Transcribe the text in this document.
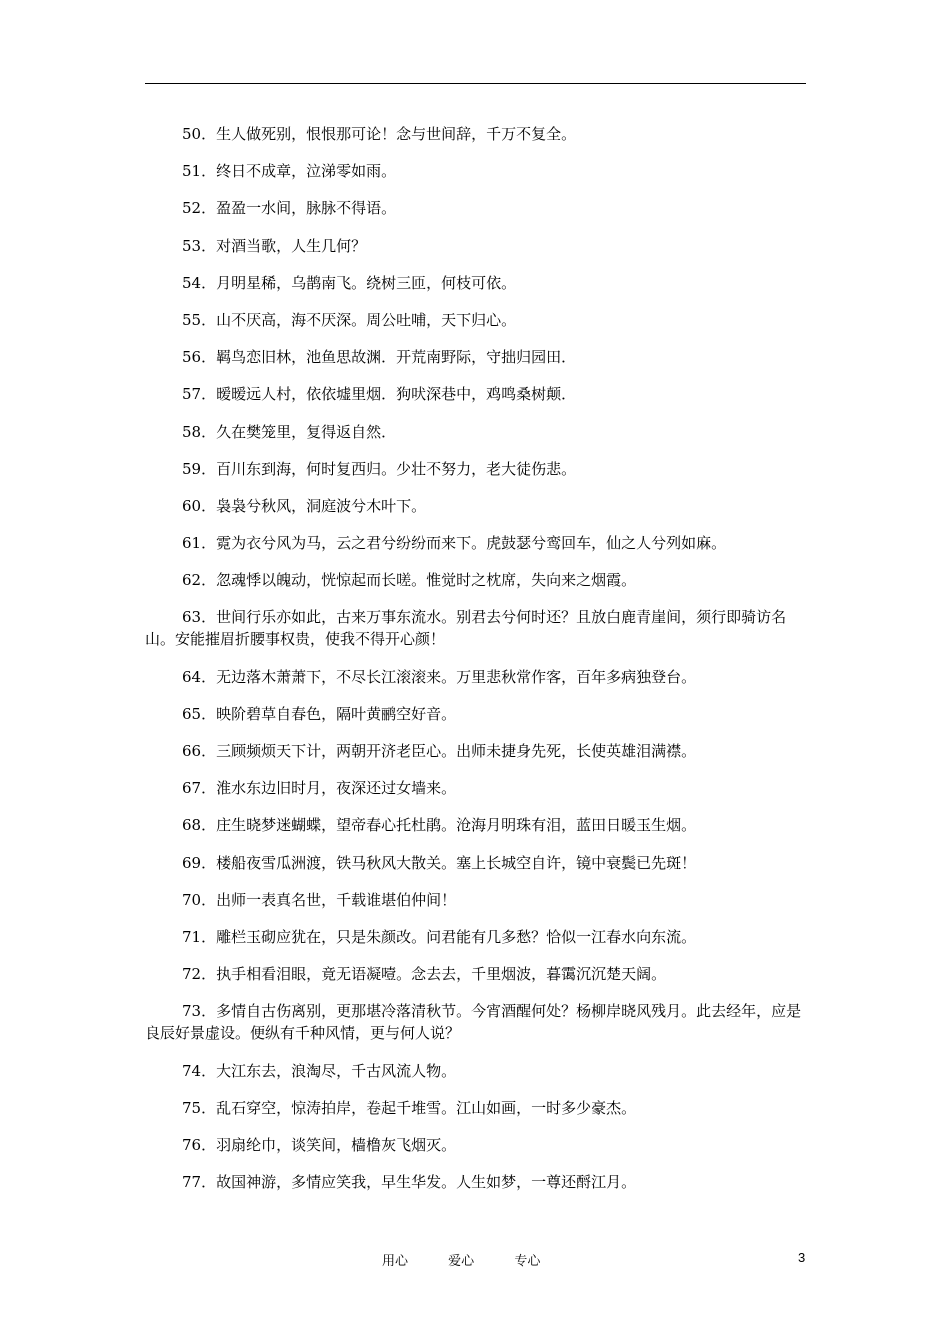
50．生人做死别，恨恨那可论！念与世间辞，千万不复全。

51．终日不成章，泣涕零如雨。

52．盈盈一水间，脉脉不得语。

53．对酒当歌，人生几何？

54．月明星稀，乌鹊南飞。绕树三匝，何枝可依。

55．山不厌高，海不厌深。周公吐哺，天下归心。

56．羁鸟恋旧林，池鱼思故渊．开荒南野际，守拙归园田．

57．暧暧远人村，依依墟里烟．狗吠深巷中，鸡鸣桑树颠．

58．久在樊笼里，复得返自然．

59．百川东到海，何时复西归。少壮不努力，老大徒伤悲。

60．袅袅兮秋风，洞庭波兮木叶下。

61．霓为衣兮风为马，云之君兮纷纷而来下。虎鼓瑟兮鸾回车，仙之人兮列如麻。

62．忽魂悸以魄动，恍惊起而长嗟。惟觉时之枕席，失向来之烟霞。

63．世间行乐亦如此，古来万事东流水。别君去兮何时还？且放白鹿青崖间，须行即骑访名山。安能摧眉折腰事权贵，使我不得开心颜！

64．无边落木萧萧下，不尽长江滚滚来。万里悲秋常作客，百年多病独登台。

65．映阶碧草自春色，隔叶黄鹂空好音。

66．三顾频烦天下计，两朝开济老臣心。出师未捷身先死，长使英雄泪满襟。

67．淮水东边旧时月，夜深还过女墙来。

68．庄生晓梦迷蝴蝶，望帝春心托杜鹃。沧海月明珠有泪，蓝田日暖玉生烟。

69．楼船夜雪瓜洲渡，铁马秋风大散关。塞上长城空自许，镜中衰鬓已先斑！

70．出师一表真名世，千载谁堪伯仲间！

71．雕栏玉砌应犹在，只是朱颜改。问君能有几多愁？恰似一江春水向东流。

72．执手相看泪眼，竟无语凝噎。念去去，千里烟波，暮霭沉沉楚天阔。

73．多情自古伤离别，更那堪冷落清秋节。今宵酒醒何处？杨柳岸晓风残月。此去经年，应是良辰好景虚设。便纵有千种风情，更与何人说？

74．大江东去，浪淘尽，千古风流人物。

75．乱石穿空，惊涛拍岸，卷起千堆雪。江山如画，一时多少豪杰。

76．羽扇纶巾，谈笑间，樯橹灰飞烟灭。

77．故国神游，多情应笑我，早生华发。人生如梦，一尊还酹江月。

用心	爱心	专心	3
